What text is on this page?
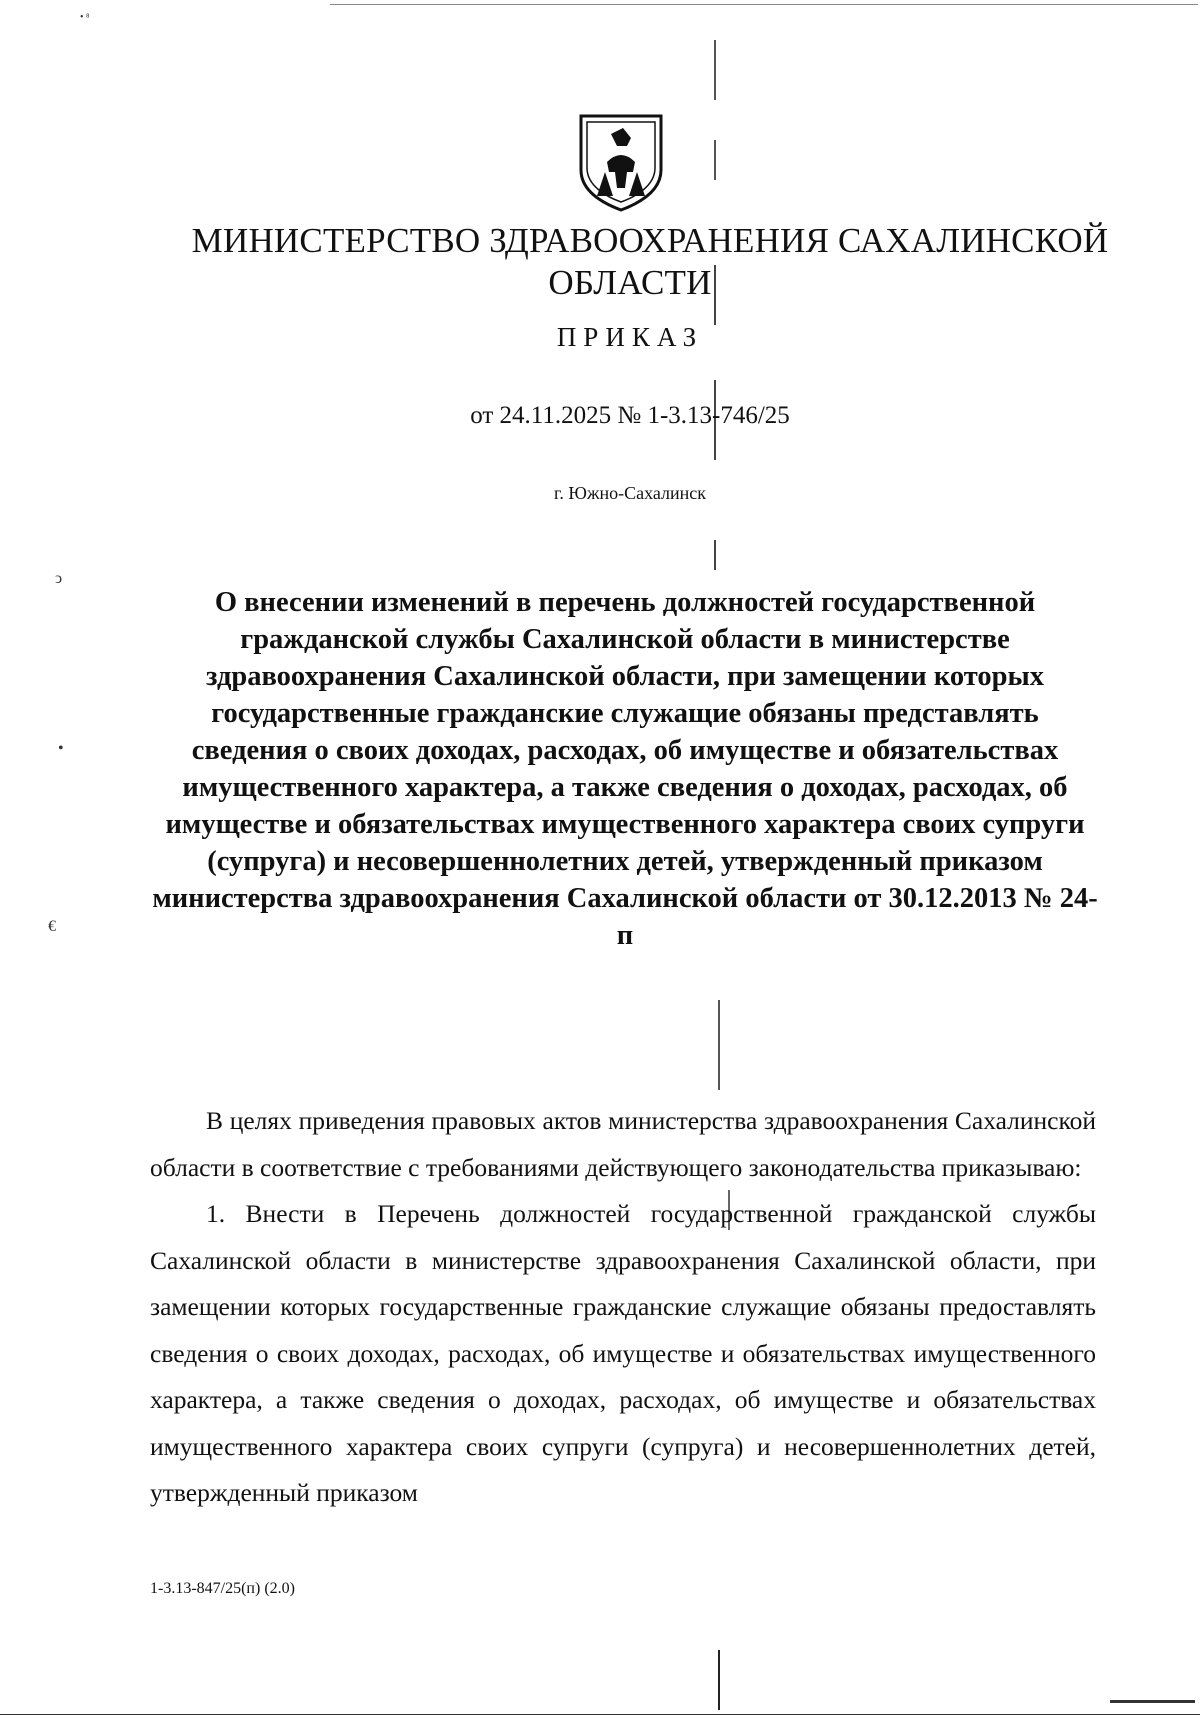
ↄ
•
€
• ⁸
МИНИСТЕРСТВО ЗДРАВООХРАНЕНИЯ САХАЛИНСКОЙ
ОБЛАСТИ
ПРИКАЗ
от 24.11.2025 № 1-3.13-746/25
г. Южно-Сахалинск
О внесении изменений в перечень должностей государственной гражданской службы Сахалинской области в министерстве здравоохранения Сахалинской области, при замещении которых государственные гражданские служащие обязаны представлять сведения о своих доходах, расходах, об имуществе и обязательствах имущественного характера, а также сведения о доходах, расходах, об имуществе и обязательствах имущественного характера своих супруги (супруга) и несовершеннолетних детей, утвержденный приказом министерства здравоохранения Сахалинской области от 30.12.2013 № 24-п

В целях приведения правовых актов министерства здравоохранения Сахалинской области в соответствие с требованиями действующего законодательства приказываю:

1. Внести в Перечень должностей государственной гражданской службы Сахалинской области в министерстве здравоохранения Сахалинской области, при замещении которых государственные гражданские служащие обязаны предоставлять сведения о своих доходах, расходах, об имуществе и обязательствах имущественного характера, а также сведения о доходах, расходах, об имуществе и обязательствах имущественного характера своих супруги (супруга) и несовершеннолетних детей, утвержденный приказом

1-3.13-847/25(п) (2.0)
